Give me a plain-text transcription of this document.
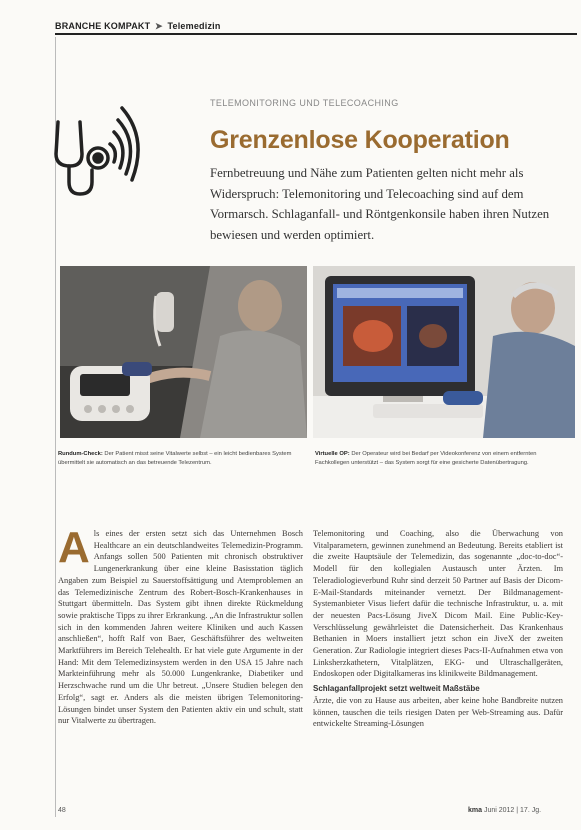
BRANCHE KOMPAKT ➤ Telemedizin
TELEMONITORING UND TELECOACHING
Grenzenlose Kooperation
Fernbetreuung und Nähe zum Patienten gelten nicht mehr als Widerspruch: Telemonitoring und Telecoaching sind auf dem Vormarsch. Schlaganfall- und Röntgenkonsile haben ihren Nutzen bewiesen und werden optimiert.
Rundum-Check: Der Patient misst seine Vitalwerte selbst – ein leicht bedienbares System übermittelt sie automatisch an das betreuende Telezentrum.
Virtuelle OP: Der Operateur wird bei Bedarf per Videokonferenz von einem entfernten Fachkollegen unterstützt – das System sorgt für eine gesicherte Datenübertragung.

A ls eines der ersten setzt sich das Unternehmen Bosch Healthcare an ein deutschlandweites Telemedizin-Programm. Anfangs sollen 500 Patienten mit chronisch obstruktiver Lungenerkrankung über eine kleine Basisstation täglich Angaben zum Beispiel zu Sauerstoffsättigung und Atemproblemen an das Telemedizinische Zentrum des Robert-Bosch-Krankenhauses in Stuttgart übermitteln. Das System gibt ihnen direkte Rückmeldung sowie praktische Tipps zu ihrer Erkrankung. „An die Infrastruktur sollen sich in den kommenden Jahren weitere Kliniken und auch Kassen anschließen“, hofft Ralf von Baer, Geschäftsführer des weltweiten Marktführers im Bereich Telehealth. Er hat viele gute Argumente in der Hand: Mit dem Telemedizinsystem werden in den USA 15 Jahre nach Markteinführung mehr als 50.000 Lungenkranke, Diabetiker und Herzschwache rund um die Uhr betreut. „Unsere Studien belegen den Erfolg“, sagt er. Anders als die meisten übrigen Telemonitoring-Lösungen bindet unser System den Patienten aktiv ein und schult, statt nur Vitalwerte zu übertragen.

Telemonitoring und Coaching, also die Überwachung von Vitalparametern, gewinnen zunehmend an Bedeutung. Bereits etabliert ist die zweite Hauptsäule der Telemedizin, das sogenannte „doc-to-doc“-Modell für den kollegialen Austausch unter Ärzten. Im Teleradiologieverbund Ruhr sind derzeit 50 Partner auf Basis der Dicom-E-Mail-Standards miteinander vernetzt. Der Bildmanagement-Systemanbieter Visus liefert dafür die technische Infrastruktur, u. a. mit der neuesten Pacs-Lösung JiveX Dicom Mail. Eine Public-Key-Verschlüsselung gewährleistet die Datensicherheit. Das Krankenhaus Bethanien in Moers installiert jetzt schon ein JiveX der zweiten Generation. Zur Radiologie integriert dieses Pacs-II-Aufnahmen etwa von Linksherzkathetern, Vitalplätzen, EKG- und Ultraschallgeräten, Endoskopen oder Digitalkameras ins klinikweite Bildmanagement.

Schlaganfallprojekt setzt weltweit Maßstäbe

Ärzte, die von zu Hause aus arbeiten, aber keine hohe Bandbreite nutzen können, tauschen die teils riesigen Daten per Web-Streaming aus. Dafür entwickelte Streaming-Lösungen

48	kma Juni 2012 | 17. Jg.
